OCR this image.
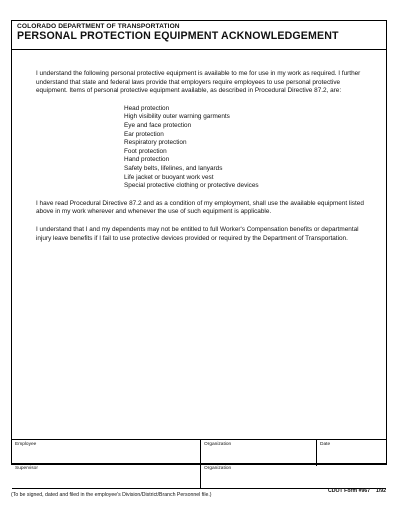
COLORADO DEPARTMENT OF TRANSPORTATION
PERSONAL PROTECTION EQUIPMENT ACKNOWLEDGEMENT

I understand the following personal protective equipment is available to me for use in my work as required. I further understand that state and federal laws provide that employers require employees to use personal protective equipment. Items of personal protective equipment available, as described in Procedural Directive 87.2, are:

Head protection
High visibility outer warning garments
Eye and face protection
Ear protection
Respiratory protection
Foot protection
Hand protection
Safety belts, lifelines, and lanyards
Life jacket or buoyant work vest
Special protective clothing or protective devices

I have read Procedural Directive 87.2 and as a condition of my employment, shall use the available equipment listed above in my work wherever and whenever the use of such equipment is applicable.

I understand that I and my dependents may not be entitled to full Worker's Compensation benefits or departmental injury leave benefits if I fail to use protective devices provided or required by the Department of Transportation.

Employee	Organization	Date
Supervisor	Organization
CDOT Form #967 1/92
(To be signed, dated and filed in the employee's Division/District/Branch Personnel file.)
